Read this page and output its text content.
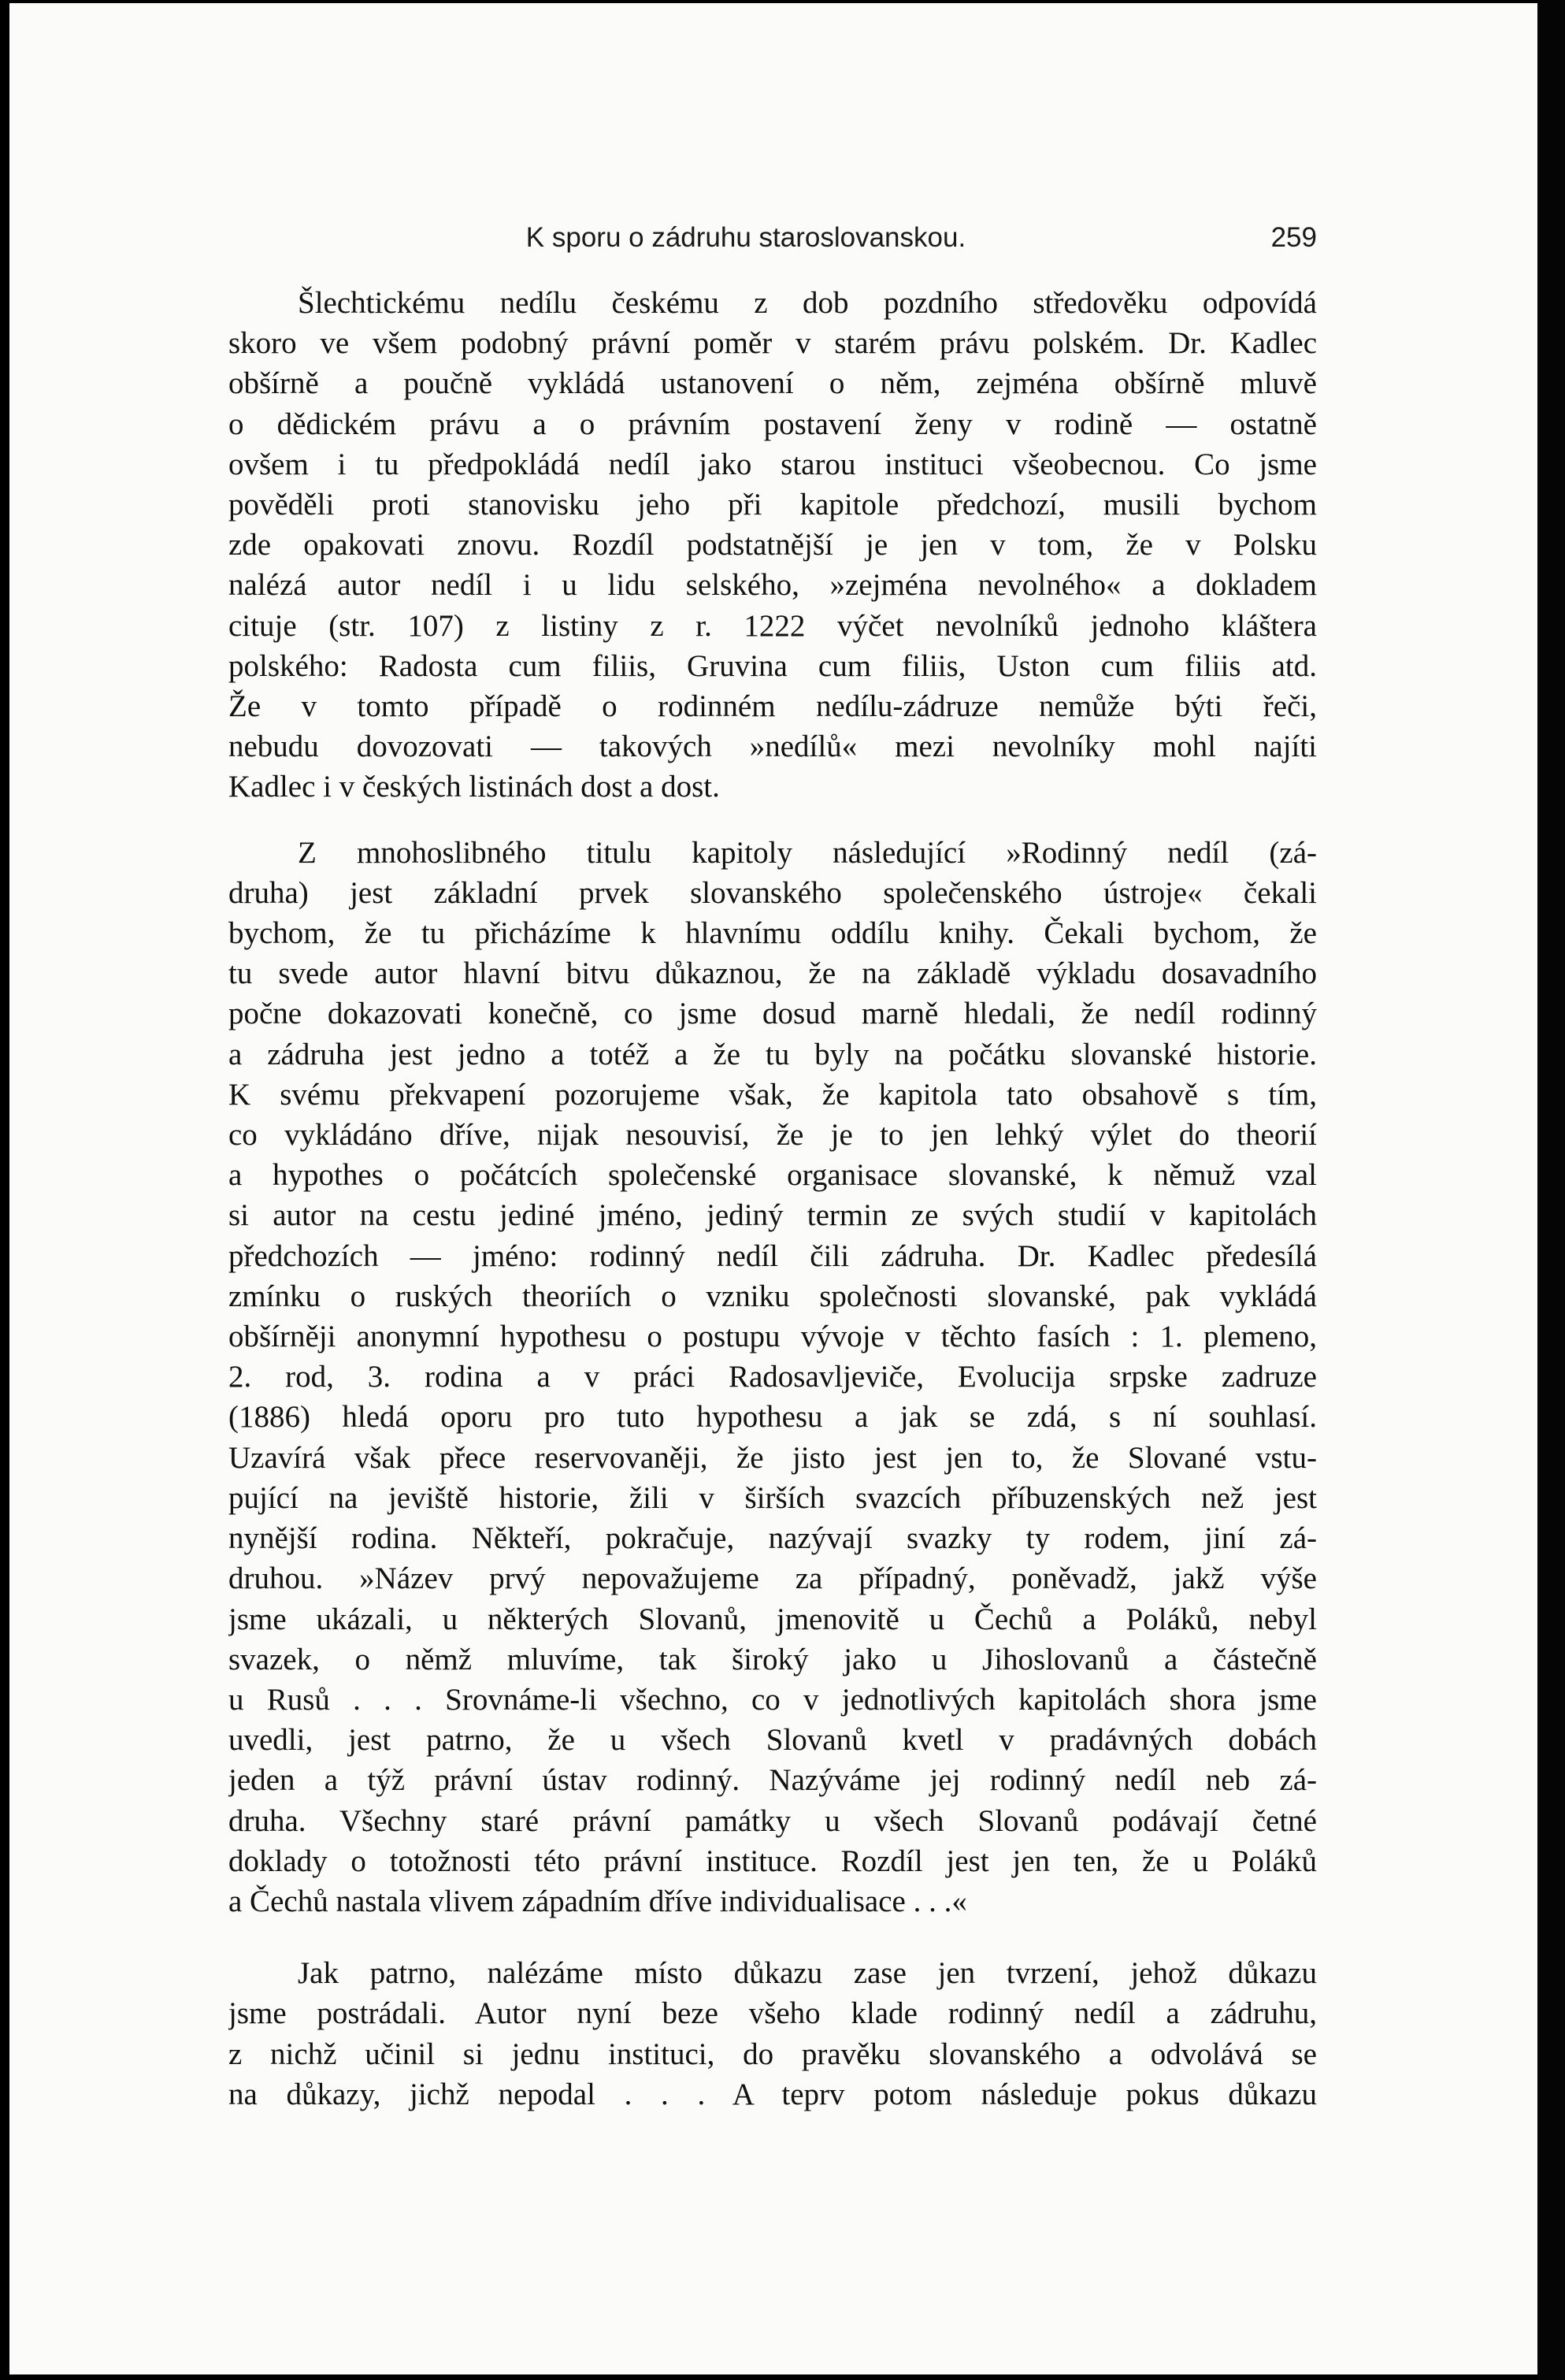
K sporu o zádruhu staroslovanskou.	259
Šlechtickému nedílu českému z dob pozdního středověku odpovídá
skoro ve všem podobný právní poměr v starém právu polském. Dr. Kadlec
obšírně a poučně vykládá ustanovení o něm, zejména obšírně mluvě
o dědickém právu a o právním postavení ženy v rodině — ostatně
ovšem i tu předpokládá nedíl jako starou instituci všeobecnou. Co jsme
pověděli proti stanovisku jeho při kapitole předchozí, musili bychom
zde opakovati znovu. Rozdíl podstatnější je jen v tom, že v Polsku
nalézá autor nedíl i u lidu selského, »zejména nevolného« a dokladem
cituje (str. 107) z listiny z r. 1222 výčet nevolníků jednoho kláštera
polského: Radosta cum filiis, Gruvina cum filiis, Uston cum filiis atd.
Že v tomto případě o rodinném nedílu-zádruze nemůže býti řeči,
nebudu dovozovati — takových »nedílů« mezi nevolníky mohl najíti
Kadlec i v českých listinách dost a dost.
Z mnohoslibného titulu kapitoly následující »Rodinný nedíl (zá-
druha) jest základní prvek slovanského společenského ústroje« čekali
bychom, že tu přicházíme k hlavnímu oddílu knihy. Čekali bychom, že
tu svede autor hlavní bitvu důkaznou, že na základě výkladu dosavadního
počne dokazovati konečně, co jsme dosud marně hledali, že nedíl rodinný
a zádruha jest jedno a totéž a že tu byly na počátku slovanské historie.
K svému překvapení pozorujeme však, že kapitola tato obsahově s tím,
co vykládáno dříve, nijak nesouvisí, že je to jen lehký výlet do theorií
a hypothes o počátcích společenské organisace slovanské, k němuž vzal
si autor na cestu jediné jméno, jediný termin ze svých studií v kapitolách
předchozích — jméno: rodinný nedíl čili zádruha. Dr. Kadlec předesílá
zmínku o ruských theoriích o vzniku společnosti slovanské, pak vykládá
obšírněji anonymní hypothesu o postupu vývoje v těchto fasích : 1. plemeno,
2. rod, 3. rodina a v práci Radosavljeviče, Evolucija srpske zadruze
(1886) hledá oporu pro tuto hypothesu a jak se zdá, s ní souhlasí.
Uzavírá však přece reservovaněji, že jisto jest jen to, že Slované vstu-
pující na jeviště historie, žili v širších svazcích příbuzenských než jest
nynější rodina. Někteří, pokračuje, nazývají svazky ty rodem, jiní zá-
druhou. »Název prvý nepovažujeme za případný, poněvadž, jakž výše
jsme ukázali, u některých Slovanů, jmenovitě u Čechů a Poláků, nebyl
svazek, o němž mluvíme, tak široký jako u Jihoslovanů a částečně
u Rusů . . . Srovnáme-li všechno, co v jednotlivých kapitolách shora jsme
uvedli, jest patrno, že u všech Slovanů kvetl v pradávných dobách
jeden a týž právní ústav rodinný. Nazýváme jej rodinný nedíl neb zá-
druha. Všechny staré právní památky u všech Slovanů podávají četné
doklady o totožnosti této právní instituce. Rozdíl jest jen ten, že u Poláků
a Čechů nastala vlivem západním dříve individualisace . . .«
Jak patrno, nalézáme místo důkazu zase jen tvrzení, jehož důkazu
jsme postrádali. Autor nyní beze všeho klade rodinný nedíl a zádruhu,
z nichž učinil si jednu instituci, do pravěku slovanského a odvolává se
na důkazy, jichž nepodal . . . A teprv potom následuje pokus důkazu
